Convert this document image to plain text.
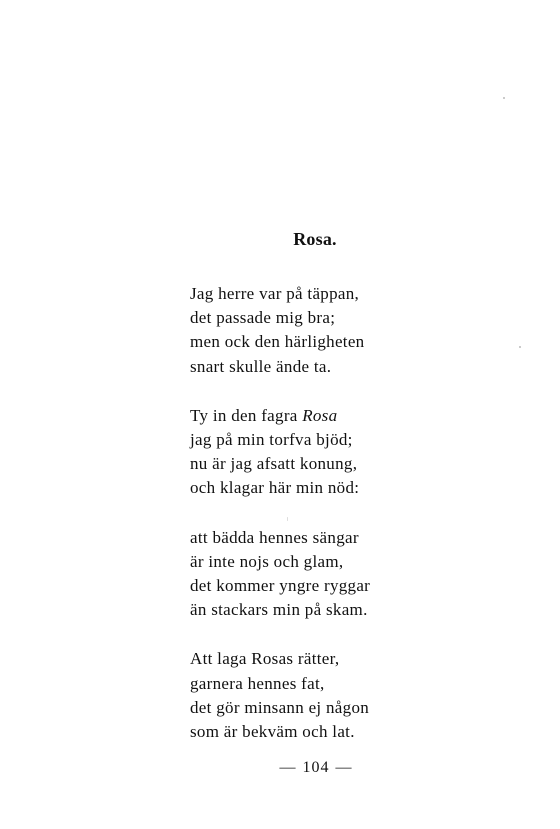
Rosa.
Jag herre var på täppan,
det passade mig bra;
men ock den härligheten
snart skulle ände ta.
Ty in den fagra Rosa
jag på min torfva bjöd;
nu är jag afsatt konung,
och klagar här min nöd:
att bädda hennes sängar
är inte nojs och glam,
det kommer yngre ryggar
än stackars min på skam.
Att laga Rosas rätter,
garnera hennes fat,
det gör minsann ej någon
som är bekväm och lat.
— 104 —
